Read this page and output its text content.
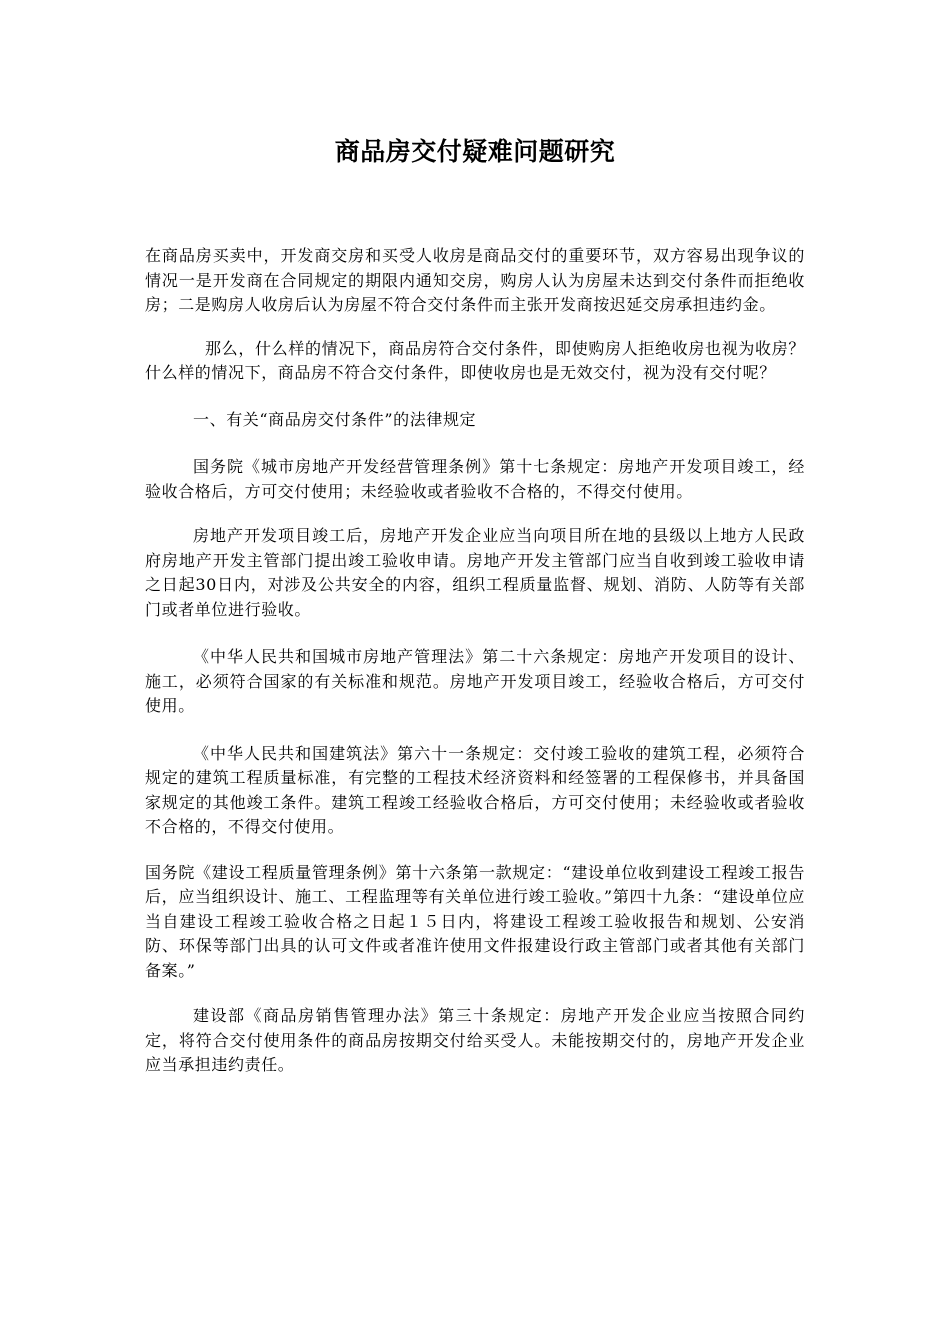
商品房交付疑难问题研究

在商品房买卖中，开发商交房和买受人收房是商品交付的重要环节，双方容易出现争议的情况一是开发商在合同规定的期限内通知交房，购房人认为房屋未达到交付条件而拒绝收房；二是购房人收房后认为房屋不符合交付条件而主张开发商按迟延交房承担违约金。

那么，什么样的情况下，商品房符合交付条件，即使购房人拒绝收房也视为收房？什么样的情况下，商品房不符合交付条件，即使收房也是无效交付，视为没有交付呢？

一、有关“商品房交付条件”的法律规定

国务院《城市房地产开发经营管理条例》第十七条规定：房地产开发项目竣工，经验收合格后，方可交付使用；未经验收或者验收不合格的，不得交付使用。

房地产开发项目竣工后，房地产开发企业应当向项目所在地的县级以上地方人民政府房地产开发主管部门提出竣工验收申请。房地产开发主管部门应当自收到竣工验收申请之日起30日内，对涉及公共安全的内容，组织工程质量监督、规划、消防、人防等有关部门或者单位进行验收。

《中华人民共和国城市房地产管理法》第二十六条规定：房地产开发项目的设计、施工，必须符合国家的有关标准和规范。房地产开发项目竣工，经验收合格后，方可交付使用。

《中华人民共和国建筑法》第六十一条规定：交付竣工验收的建筑工程，必须符合规定的建筑工程质量标准，有完整的工程技术经济资料和经签署的工程保修书，并具备国家规定的其他竣工条件。建筑工程竣工经验收合格后，方可交付使用；未经验收或者验收不合格的，不得交付使用。

国务院《建设工程质量管理条例》第十六条第一款规定：“建设单位收到建设工程竣工报告后，应当组织设计、施工、工程监理等有关单位进行竣工验收。”第四十九条：“建设单位应当自建设工程竣工验收合格之日起１５日内，将建设工程竣工验收报告和规划、公安消防、环保等部门出具的认可文件或者准许使用文件报建设行政主管部门或者其他有关部门备案。”

建设部《商品房销售管理办法》第三十条规定：房地产开发企业应当按照合同约定，将符合交付使用条件的商品房按期交付给买受人。未能按期交付的，房地产开发企业应当承担违约责任。
